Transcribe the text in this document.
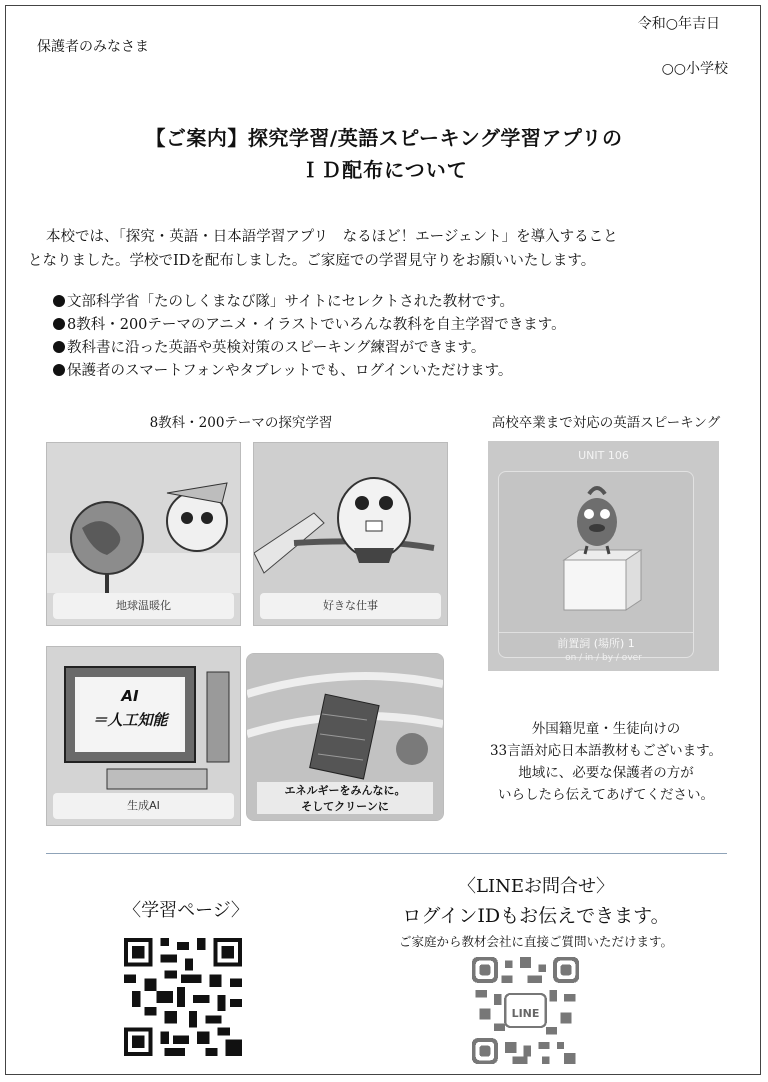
令和○年吉日
保護者のみなさま
○○小学校
【ご案内】探究学習/英語スピーキング学習アプリの
ＩＤ配布について
本校では、「探究・英語・日本語学習アプリ　なるほど！エージェント」を導入すること
となりました。学校でIDを配布しました。ご家庭での学習見守りをお願いいたします。
文部科学省「たのしくまなび隊」サイトにセレクトされた教材です。
8教科・200テーマのアニメ・イラストでいろんな教科を自主学習できます。
教科書に沿った英語や英検対策のスピーキング練習ができます。
保護者のスマートフォンやタブレットでも、ログインいただけます。
8教科・200テーマの探究学習	高校卒業まで対応の英語スピーキング
地球温暖化	好きな仕事
AI
＝人工知能
生成AI
エネルギーをみんなに。
そしてクリーンに
UNIT 106
前置詞 (場所) 1
on / in / by / over
外国籍児童・生徒向けの
33言語対応日本語教材もございます。
地域に、必要な保護者の方が
いらしたら伝えてあげてください。
〈学習ページ〉
〈LINEお問合せ〉
ログインIDもお伝えできます。
ご家庭から教材会社に直接ご質問いただけます。
LINE
